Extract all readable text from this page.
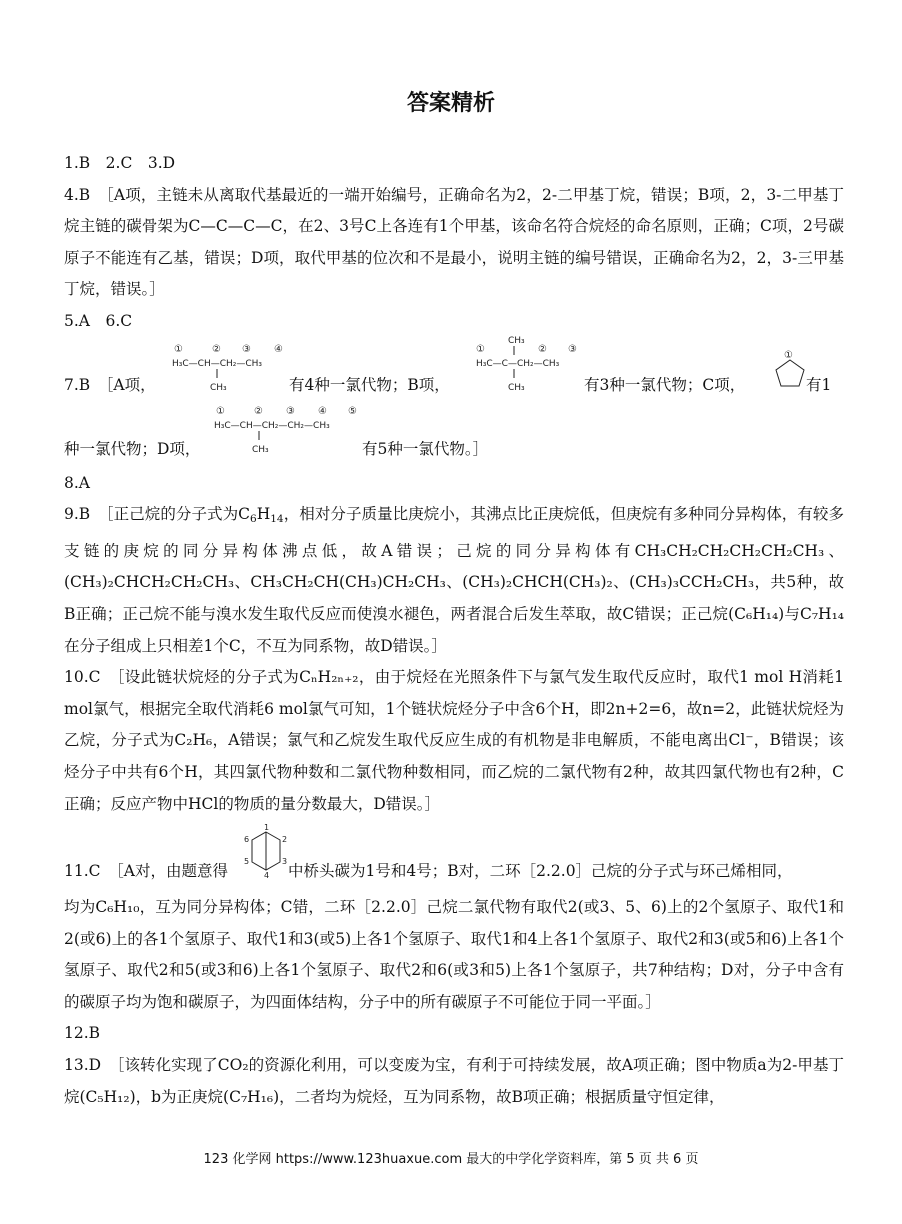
答案精析

1.B　2.C　3.D

4.B　［A项，主链未从离取代基最近的一端开始编号，正确命名为2，2-二甲基丁烷，错误；B项，2，3-二甲基丁烷主链的碳骨架为C—C—C—C，在2、3号C上各连有1个甲基，该命名符合烷烃的命名原则，正确；C项，2号碳原子不能连有乙基，错误；D项，取代甲基的位次和不是最小，说明主链的编号错误，正确命名为2，2，3-三甲基丁烷，错误。］

5.A　6.C

7.B　［A项，
①	② ③ ④
H₃C—CH—CH₂—CH₃
CH₃	有4种一氯代物；B项，
①
CH₃
② ③
H₃C—C—CH₂—CH₃
CH₃	有3种一氯代物；C项，
①
有1
种一氯代物；D项，
①	② ③ ④ ⑤
H₃C—CH—CH₂—CH₂—CH₃
CH₃	有5种一氯代物。］

8.A

9.B　［正己烷的分子式为$C_6H_{14}$，相对分子质量比庚烷小，其沸点比正庚烷低，但庚烷有多种同分异构体，有较多支链的庚烷的同分异构体沸点低，故A错误；己烷的同分异构体有CH₃CH₂CH₂CH₂CH₂CH₃、(CH₃)₂CHCH₂CH₂CH₃、CH₃CH₂CH(CH₃)CH₂CH₃、(CH₃)₂CHCH(CH₃)₂、(CH₃)₃CCH₂CH₃，共5种，故B正确；正己烷不能与溴水发生取代反应而使溴水褪色，两者混合后发生萃取，故C错误；正己烷(C₆H₁₄)与C₇H₁₄在分子组成上只相差1个C，不互为同系物，故D错误。］

10.C　［设此链状烷烃的分子式为CₙH₂ₙ₊₂，由于烷烃在光照条件下与氯气发生取代反应时，取代1 mol H消耗1 mol氯气，根据完全取代消耗6 mol氯气可知，1个链状烷烃分子中含6个H，即2n+2=6，故n=2，此链状烷烃为乙烷，分子式为C₂H₆，A错误；氯气和乙烷发生取代反应生成的有机物是非电解质，不能电离出Cl⁻，B错误；该烃分子中共有6个H，其四氯代物种数和二氯代物种数相同，而乙烷的二氯代物有2种，故其四氯代物也有2种，C正确；反应产物中HCl的物质的量分数最大，D错误。］

11.C　［A对，由题意得
1
2
3
4
5
6
中桥头碳为1号和4号；B对，二环［2.2.0］己烷的分子式与环己烯相同，

均为C₆H₁₀，互为同分异构体；C错，二环［2.2.0］己烷二氯代物有取代2(或3、5、6)上的2个氢原子、取代1和2(或6)上的各1个氢原子、取代1和3(或5)上各1个氢原子、取代1和4上各1个氢原子、取代2和3(或5和6)上各1个氢原子、取代2和5(或3和6)上各1个氢原子、取代2和6(或3和5)上各1个氢原子，共7种结构；D对，分子中含有的碳原子均为饱和碳原子，为四面体结构，分子中的所有碳原子不可能位于同一平面。］

12.B

13.D　［该转化实现了CO₂的资源化利用，可以变废为宝，有利于可持续发展，故A项正确；图中物质a为2-甲基丁烷(C₅H₁₂)，b为正庚烷(C₇H₁₆)，二者均为烷烃，互为同系物，故B项正确；根据质量守恒定律，

123 化学网 https://www.123huaxue.com 最大的中学化学资料库，第 5 页 共 6 页
